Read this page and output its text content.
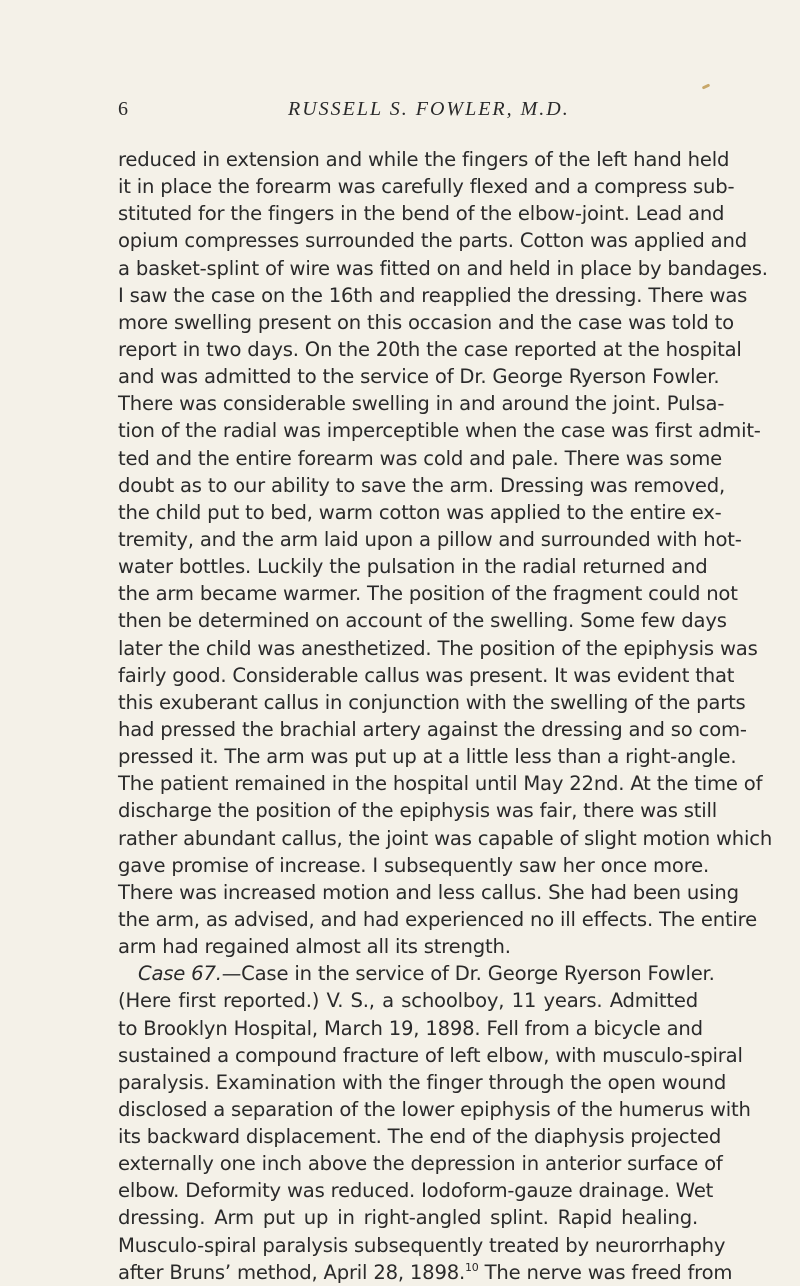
6	RUSSELL S. FOWLER, M.D.
reduced in extension and while the fingers of the left hand held
it in place the forearm was carefully flexed and a compress sub-
stituted for the fingers in the bend of the elbow-joint. Lead and
opium compresses surrounded the parts. Cotton was applied and
a basket-splint of wire was fitted on and held in place by bandages.
I saw the case on the 16th and reapplied the dressing. There was
more swelling present on this occasion and the case was told to
report in two days. On the 20th the case reported at the hospital
and was admitted to the service of Dr. George Ryerson Fowler.
There was considerable swelling in and around the joint. Pulsa-
tion of the radial was imperceptible when the case was first admit-
ted and the entire forearm was cold and pale. There was some
doubt as to our ability to save the arm. Dressing was removed,
the child put to bed, warm cotton was applied to the entire ex-
tremity, and the arm laid upon a pillow and surrounded with hot-
water bottles. Luckily the pulsation in the radial returned and
the arm became warmer. The position of the fragment could not
then be determined on account of the swelling. Some few days
later the child was anesthetized. The position of the epiphysis was
fairly good. Considerable callus was present. It was evident that
this exuberant callus in conjunction with the swelling of the parts
had pressed the brachial artery against the dressing and so com-
pressed it. The arm was put up at a little less than a right-angle.
The patient remained in the hospital until May 22nd. At the time of
discharge the position of the epiphysis was fair, there was still
rather abundant callus, the joint was capable of slight motion which
gave promise of increase. I subsequently saw her once more.
There was increased motion and less callus. She had been using
the arm, as advised, and had experienced no ill effects. The entire
arm had regained almost all its strength.
Case 67.—Case in the service of Dr. George Ryerson Fowler.
(Here first reported.) V. S., a schoolboy, 11 years. Admitted
to Brooklyn Hospital, March 19, 1898. Fell from a bicycle and
sustained a compound fracture of left elbow, with musculo-spiral
paralysis. Examination with the finger through the open wound
disclosed a separation of the lower epiphysis of the humerus with
its backward displacement. The end of the diaphysis projected
externally one inch above the depression in anterior surface of
elbow. Deformity was reduced. Iodoform-gauze drainage. Wet
dressing. Arm put up in right-angled splint. Rapid healing.
Musculo-spiral paralysis subsequently treated by neurorrhaphy
after Bruns’ method, April 28, 1898.10 The nerve was freed from
